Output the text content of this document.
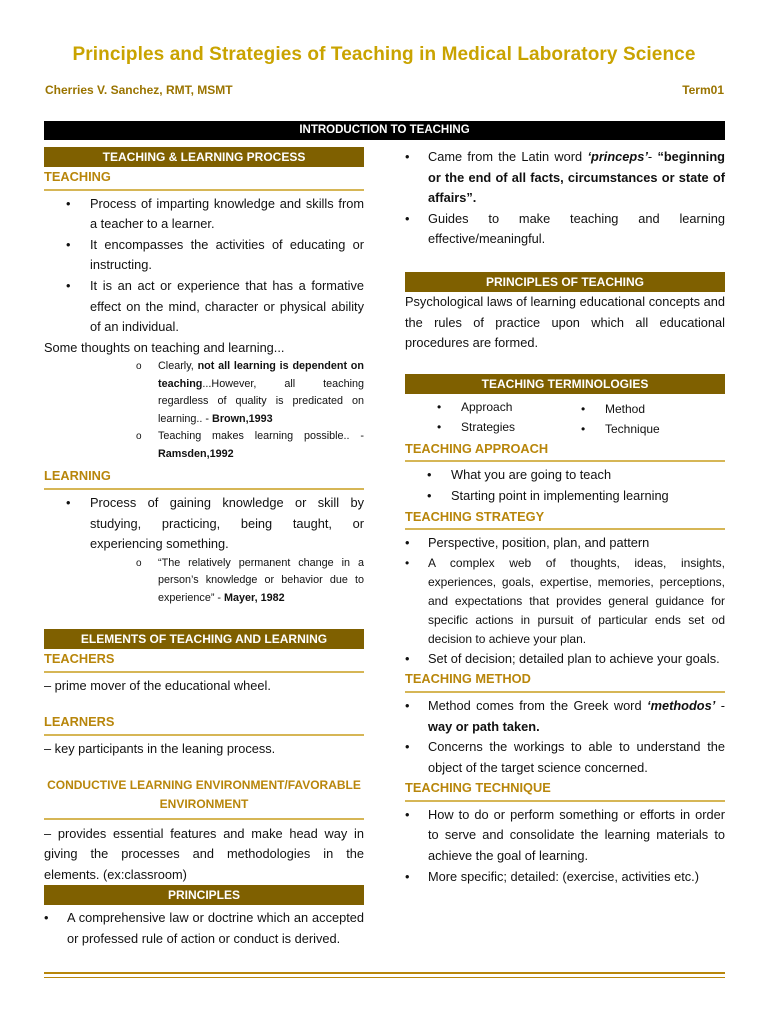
Principles and Strategies of Teaching in Medical Laboratory Science
Cherries V. Sanchez, RMT, MSMT	Term01
INTRODUCTION TO TEACHING
TEACHING & LEARNING PROCESS
TEACHING
• Process of imparting knowledge and skills from a teacher to a learner.
• It encompasses the activities of educating or instructing.
• It is an act or experience that has a formative effect on the mind, character or physical ability of an individual.

Some thoughts on teaching and learning...

o Clearly, not all learning is dependent on teaching...However, all teaching regardless of quality is predicated on learning.. - Brown,1993
o Teaching makes learning possible.. - Ramsden,1992
LEARNING
• Process of gaining knowledge or skill by studying, practicing, being taught, or experiencing something.
o “The relatively permanent change in a person’s knowledge or behavior due to experience” - Mayer, 1982
ELEMENTS OF TEACHING AND LEARNING
TEACHERS

– prime mover of the educational wheel.

LEARNERS

– key participants in the leaning process.

CONDUCTIVE LEARNING ENVIRONMENT/FAVORABLE ENVIRONMENT

– provides essential features and make head way in giving the processes and methodologies in the elements. (ex:classroom)

PRINCIPLES
• A comprehensive law or doctrine which an accepted or professed rule of action or conduct is derived.
• Came from the Latin word ‘princeps’- “beginning or the end of all facts, circumstances or state of affairs”.
• Guides to make teaching and learning effective/meaningful.
PRINCIPLES OF TEACHING

Psychological laws of learning educational concepts and the rules of practice upon which all educational procedures are formed.

TEACHING TERMINOLOGIES
• Approach
• Strategies
• Method
• Technique
TEACHING APPROACH
• What you are going to teach
• Starting point in implementing learning
TEACHING STRATEGY
• Perspective, position, plan, and pattern
• A complex web of thoughts, ideas, insights, experiences, goals, expertise, memories, perceptions, and expectations that provides general guidance for specific actions in pursuit of particular ends set od decision to achieve your plan.
• Set of decision; detailed plan to achieve your goals.
TEACHING METHOD
• Method comes from the Greek word ‘methodos’ - way or path taken.
• Concerns the workings to able to understand the object of the target science concerned.
TEACHING TECHNIQUE
• How to do or perform something or efforts in order to serve and consolidate the learning materials to achieve the goal of learning.
• More specific; detailed: (exercise, activities etc.)
